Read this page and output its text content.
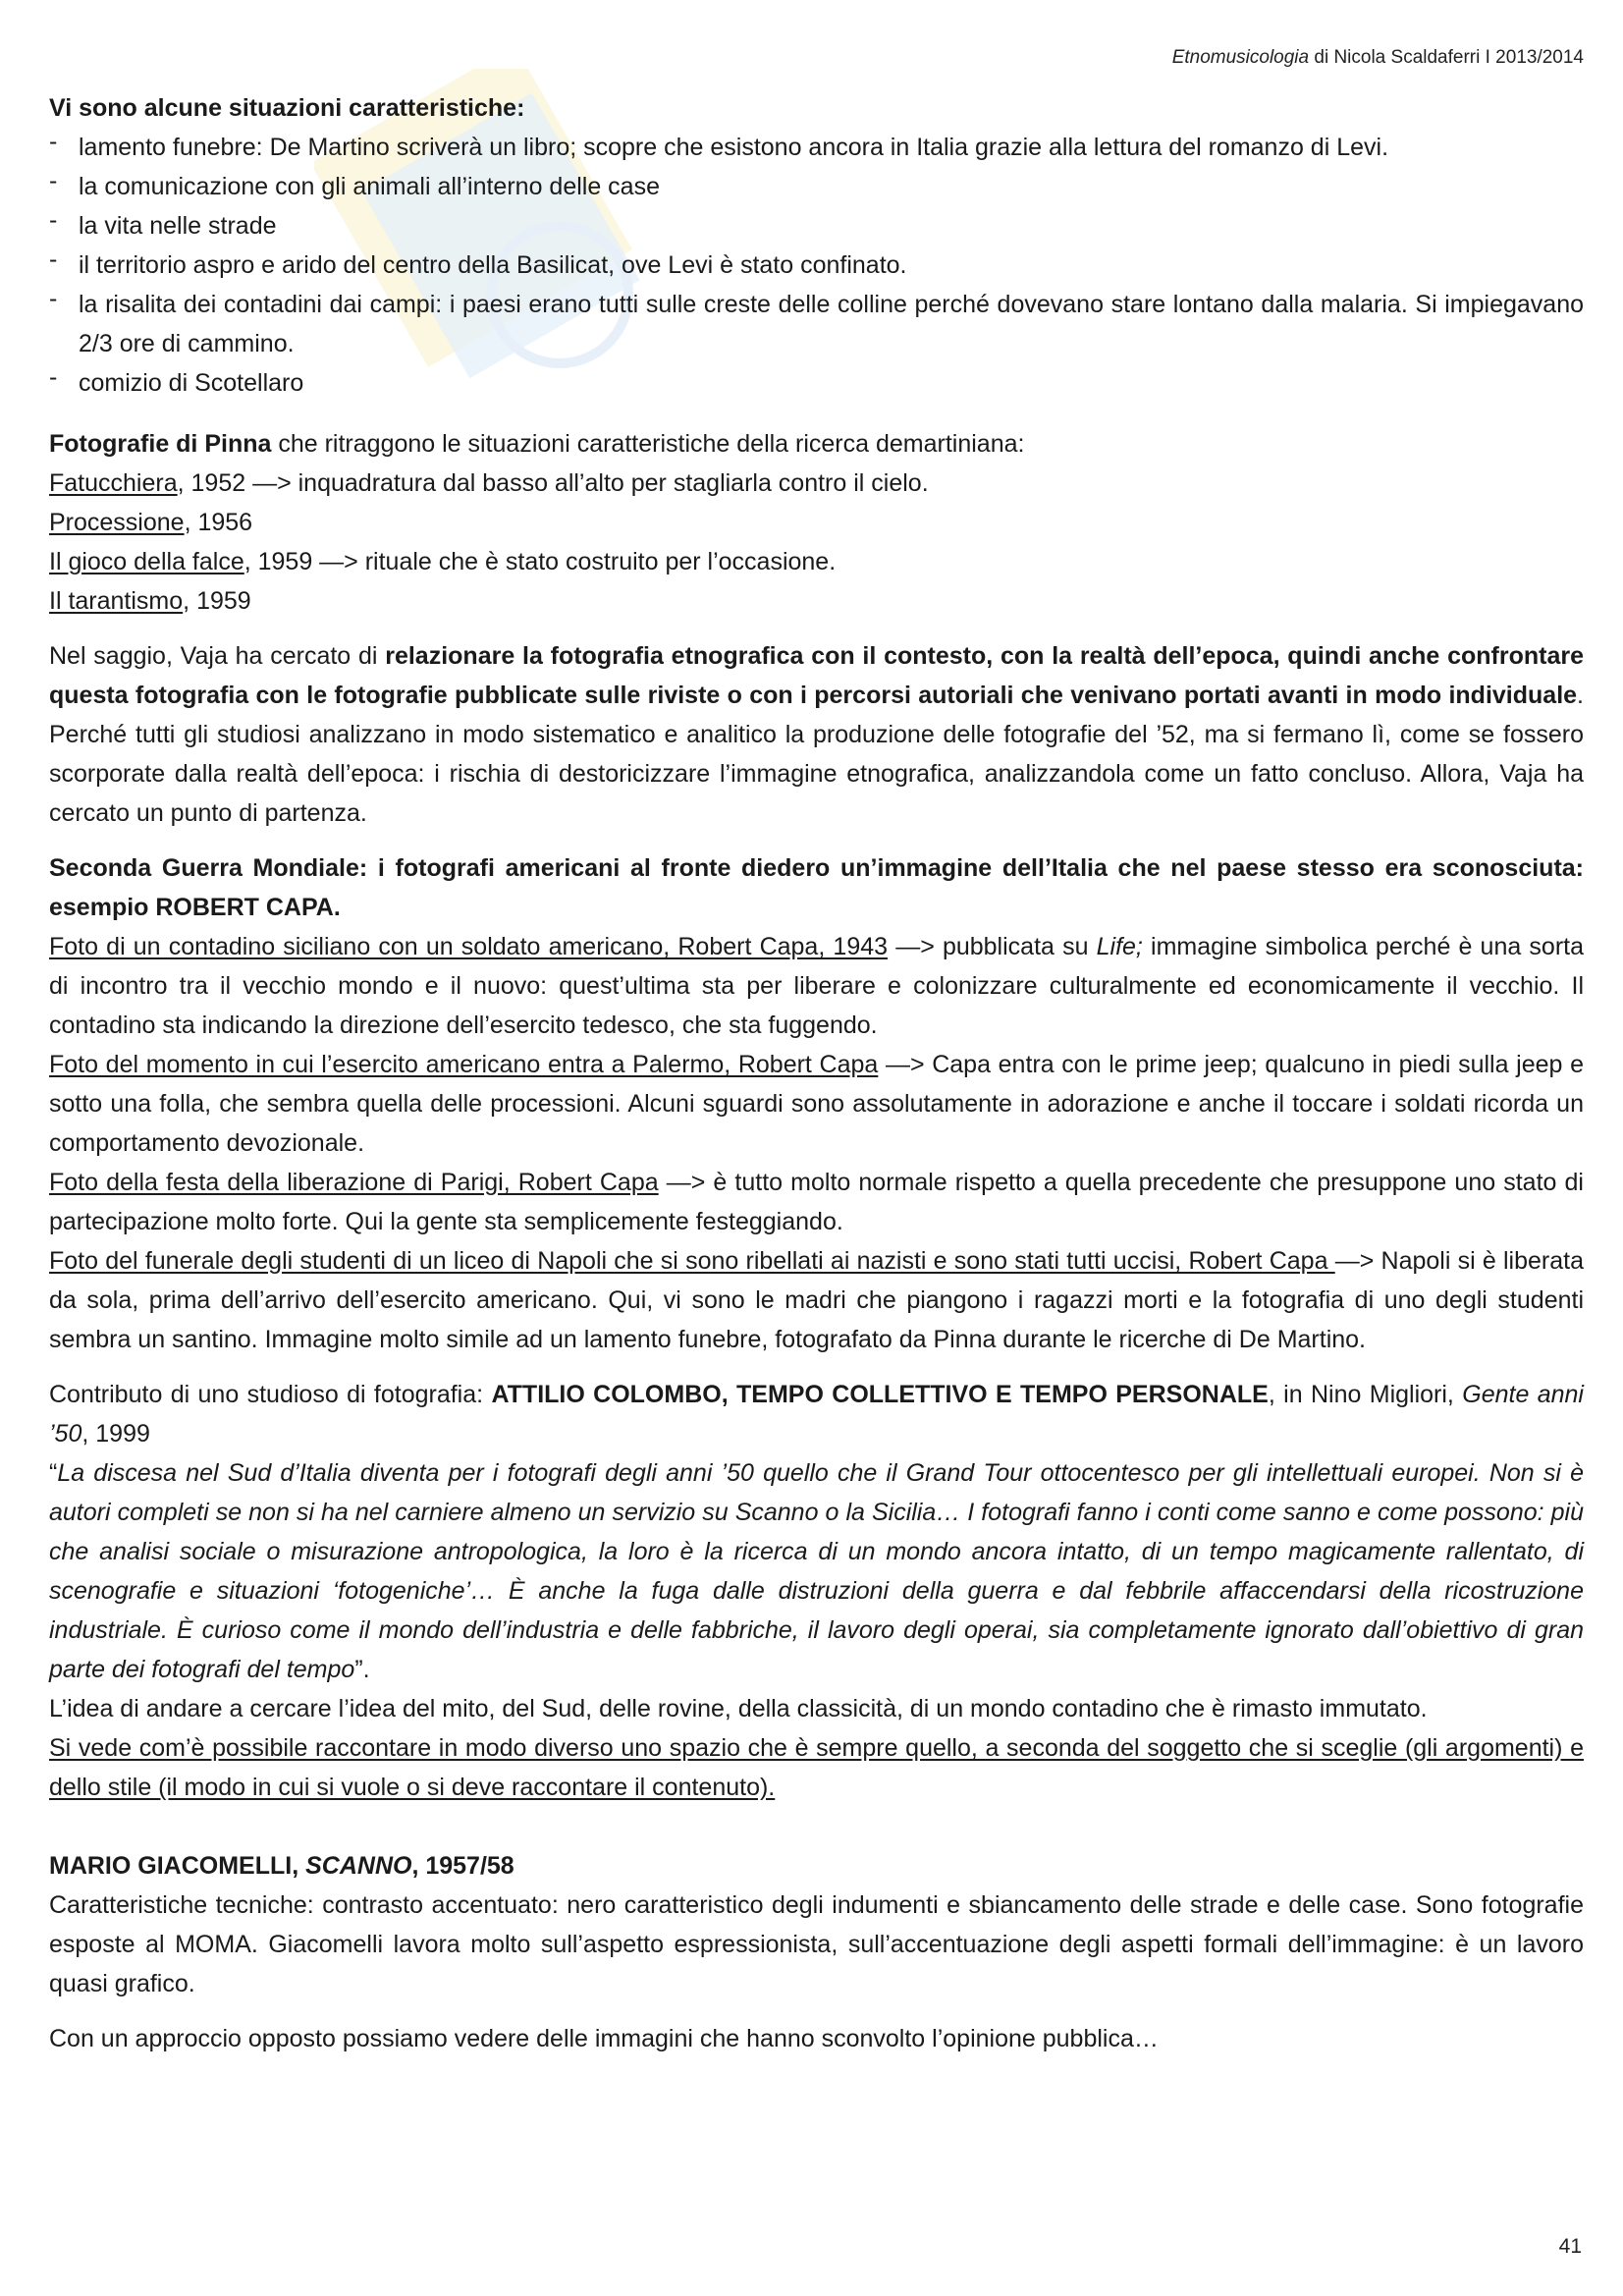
Etnomusicologia di Nicola Scaldaferri I 2013/2014

Vi sono alcune situazioni caratteristiche:

- lamento funebre: De Martino scriverà un libro; scopre che esistono ancora in Italia grazie alla lettura del romanzo di Levi.
- la comunicazione con gli animali all’interno delle case
- la vita nelle strade
- il territorio aspro e arido del centro della Basilicat, ove Levi è stato confinato.
- la risalita dei contadini dai campi: i paesi erano tutti sulle creste delle colline perché dovevano stare lontano dalla malaria. Si impiegavano 2/3 ore di cammino.
- comizio di Scotellaro

Fotografie di Pinna che ritraggono le situazioni caratteristiche della ricerca demartiniana:

Fatucchiera, 1952 —> inquadratura dal basso all’alto per stagliarla contro il cielo.

Processione, 1956

Il gioco della falce, 1959 —> rituale che è stato costruito per l’occasione.

Il tarantismo, 1959

Nel saggio, Vaja ha cercato di relazionare la fotografia etnografica con il contesto, con la realtà dell’epoca, quindi anche confrontare questa fotografia con le fotografie pubblicate sulle riviste o con i percorsi autoriali che venivano portati avanti in modo individuale. Perché tutti gli studiosi analizzano in modo sistematico e analitico la produzione delle fotografie del ’52, ma si fermano lì, come se fossero scorporate dalla realtà dell’epoca: i rischia di destoricizzare l’immagine etnografica, analizzandola come un fatto concluso. Allora, Vaja ha cercato un punto di partenza.

Seconda Guerra Mondiale: i fotografi americani al fronte diedero un’immagine dell’Italia che nel paese stesso era sconosciuta: esempio ROBERT CAPA.

Foto di un contadino siciliano con un soldato americano, Robert Capa, 1943 —> pubblicata su Life; immagine simbolica perché è una sorta di incontro tra il vecchio mondo e il nuovo: quest’ultima sta per liberare e colonizzare culturalmente ed economicamente il vecchio. Il contadino sta indicando la direzione dell’esercito tedesco, che sta fuggendo.

Foto del momento in cui l’esercito americano entra a Palermo, Robert Capa —> Capa entra con le prime jeep; qualcuno in piedi sulla jeep e sotto una folla, che sembra quella delle processioni. Alcuni sguardi sono assolutamente in adorazione e anche il toccare i soldati ricorda un comportamento devozionale.

Foto della festa della liberazione di Parigi, Robert Capa —> è tutto molto normale rispetto a quella precedente che presuppone uno stato di partecipazione molto forte. Qui la gente sta semplicemente festeggiando.

Foto del funerale degli studenti di un liceo di Napoli che si sono ribellati ai nazisti e sono stati tutti uccisi, Robert Capa —> Napoli si è liberata da sola, prima dell’arrivo dell’esercito americano. Qui, vi sono le madri che piangono i ragazzi morti e la fotografia di uno degli studenti sembra un santino. Immagine molto simile ad un lamento funebre, fotografato da Pinna durante le ricerche di De Martino.

Contributo di uno studioso di fotografia: ATTILIO COLOMBO, TEMPO COLLETTIVO E TEMPO PERSONALE, in Nino Migliori, Gente anni ’50, 1999

“La discesa nel Sud d’Italia diventa per i fotografi degli anni ’50 quello che il Grand Tour ottocentesco per gli intellettuali europei. Non si è autori completi se non si ha nel carniere almeno un servizio su Scanno o la Sicilia… I fotografi fanno i conti come sanno e come possono: più che analisi sociale o misurazione antropologica, la loro è la ricerca di un mondo ancora intatto, di un tempo magicamente rallentato, di scenografie e situazioni ‘fotogeniche’… È anche la fuga dalle distruzioni della guerra e dal febbrile affaccendarsi della ricostruzione industriale. È curioso come il mondo dell’industria e delle fabbriche, il lavoro degli operai, sia completamente ignorato dall’obiettivo di gran parte dei fotografi del tempo”.

L’idea di andare a cercare l’idea del mito, del Sud, delle rovine, della classicità, di un mondo contadino che è rimasto immutato.

Si vede com’è possibile raccontare in modo diverso uno spazio che è sempre quello, a seconda del soggetto che si sceglie (gli argomenti) e dello stile (il modo in cui si vuole o si deve raccontare il contenuto).

MARIO GIACOMELLI, SCANNO, 1957/58

Caratteristiche tecniche: contrasto accentuato: nero caratteristico degli indumenti e sbiancamento delle strade e delle case. Sono fotografie esposte al MOMA. Giacomelli lavora molto sull’aspetto espressionista, sull’accentuazione degli aspetti formali dell’immagine: è un lavoro quasi grafico.

Con un approccio opposto possiamo vedere delle immagini che hanno sconvolto l’opinione pubblica…

41
